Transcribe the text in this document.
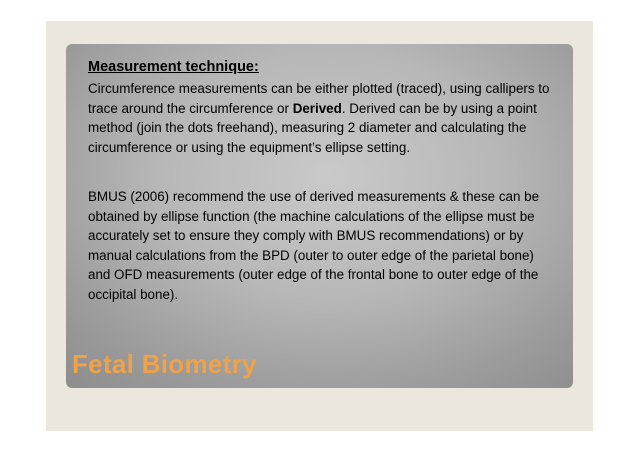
Measurement technique:

Circumference measurements can be either plotted (traced), using callipers to trace around the circumference or Derived. Derived can be by using a point method (join the dots freehand), measuring 2 diameter and calculating the circumference or using the equipment’s ellipse setting.

BMUS (2006) recommend the use of derived measurements & these can be obtained by ellipse function (the machine calculations of the ellipse must be accurately set to ensure they comply with BMUS recommendations) or by manual calculations from the BPD (outer to outer edge of the parietal bone) and OFD measurements (outer edge of the frontal bone to outer edge of the occipital bone).

Fetal Biometry
